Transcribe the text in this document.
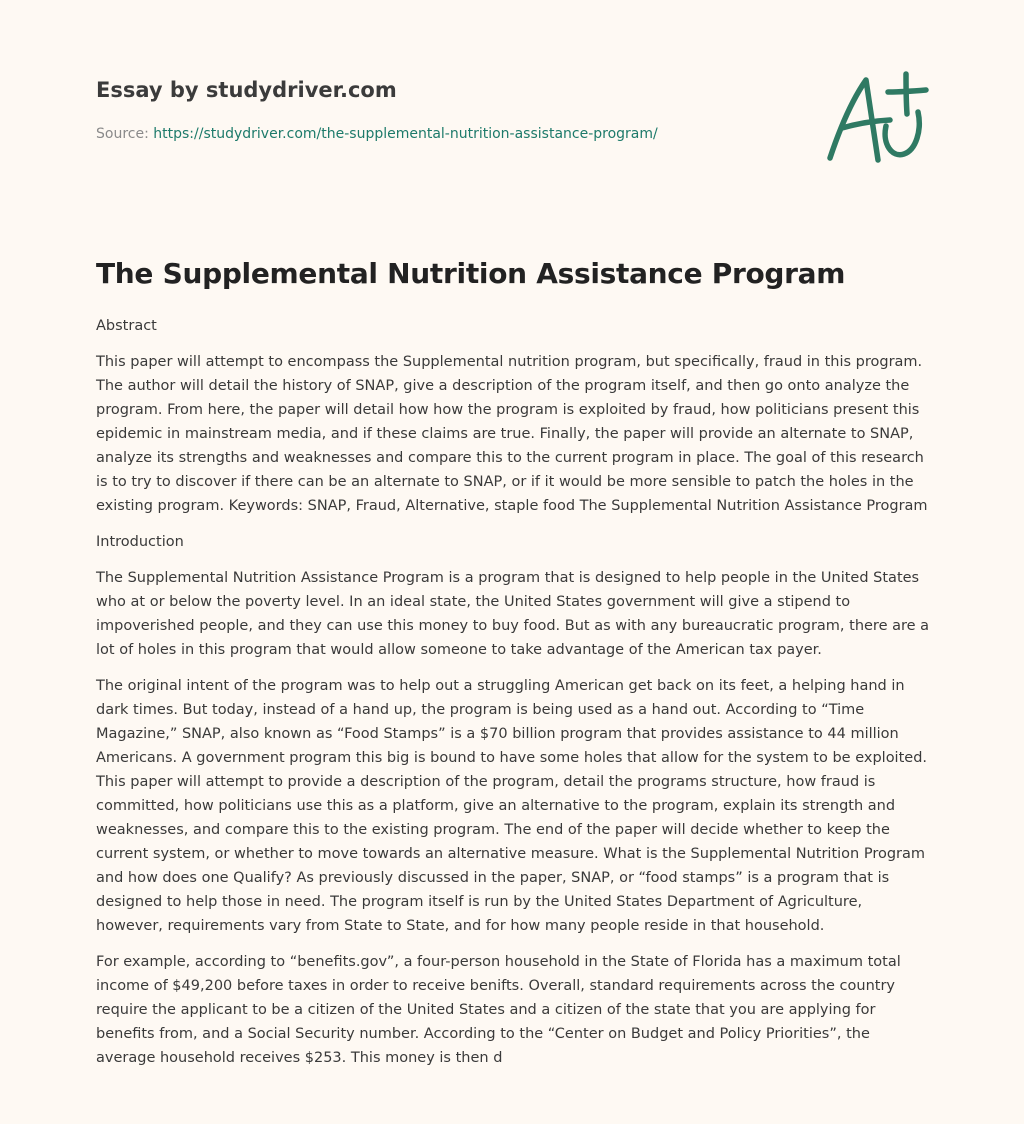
Essay by studydriver.com
Source: https://studydriver.com/the-supplemental-nutrition-assistance-program/
The Supplemental Nutrition Assistance Program

Abstract

This paper will attempt to encompass the Supplemental nutrition program, but specifically, fraud in this program. The author will detail the history of SNAP, give a description of the program itself, and then go onto analyze the program. From here, the paper will detail how how the program is exploited by fraud, how politicians present this epidemic in mainstream media, and if these claims are true. Finally, the paper will provide an alternate to SNAP, analyze its strengths and weaknesses and compare this to the current program in place. The goal of this research is to try to discover if there can be an alternate to SNAP, or if it would be more sensible to patch the holes in the existing program. Keywords: SNAP, Fraud, Alternative, staple food The Supplemental Nutrition Assistance Program

Introduction

The Supplemental Nutrition Assistance Program is a program that is designed to help people in the United States who at or below the poverty level. In an ideal state, the United States government will give a stipend to impoverished people, and they can use this money to buy food. But as with any bureaucratic program, there are a lot of holes in this program that would allow someone to take advantage of the American tax payer.

The original intent of the program was to help out a struggling American get back on its feet, a helping hand in dark times. But today, instead of a hand up, the program is being used as a hand out. According to “Time Magazine,” SNAP, also known as “Food Stamps” is a $70 billion program that provides assistance to 44 million Americans. A government program this big is bound to have some holes that allow for the system to be exploited. This paper will attempt to provide a description of the program, detail the programs structure, how fraud is committed, how politicians use this as a platform, give an alternative to the program, explain its strength and weaknesses, and compare this to the existing program. The end of the paper will decide whether to keep the current system, or whether to move towards an alternative measure. What is the Supplemental Nutrition Program and how does one Qualify? As previously discussed in the paper, SNAP, or “food stamps” is a program that is designed to help those in need. The program itself is run by the United States Department of Agriculture, however, requirements vary from State to State, and for how many people reside in that household.

For example, according to “benefits.gov”, a four-person household in the State of Florida has a maximum total income of $49,200 before taxes in order to receive benifts. Overall, standard requirements across the country require the applicant to be a citizen of the United States and a citizen of the state that you are applying for benefits from, and a Social Security number. According to the “Center on Budget and Policy Priorities”, the average household receives $253. This money is then d
